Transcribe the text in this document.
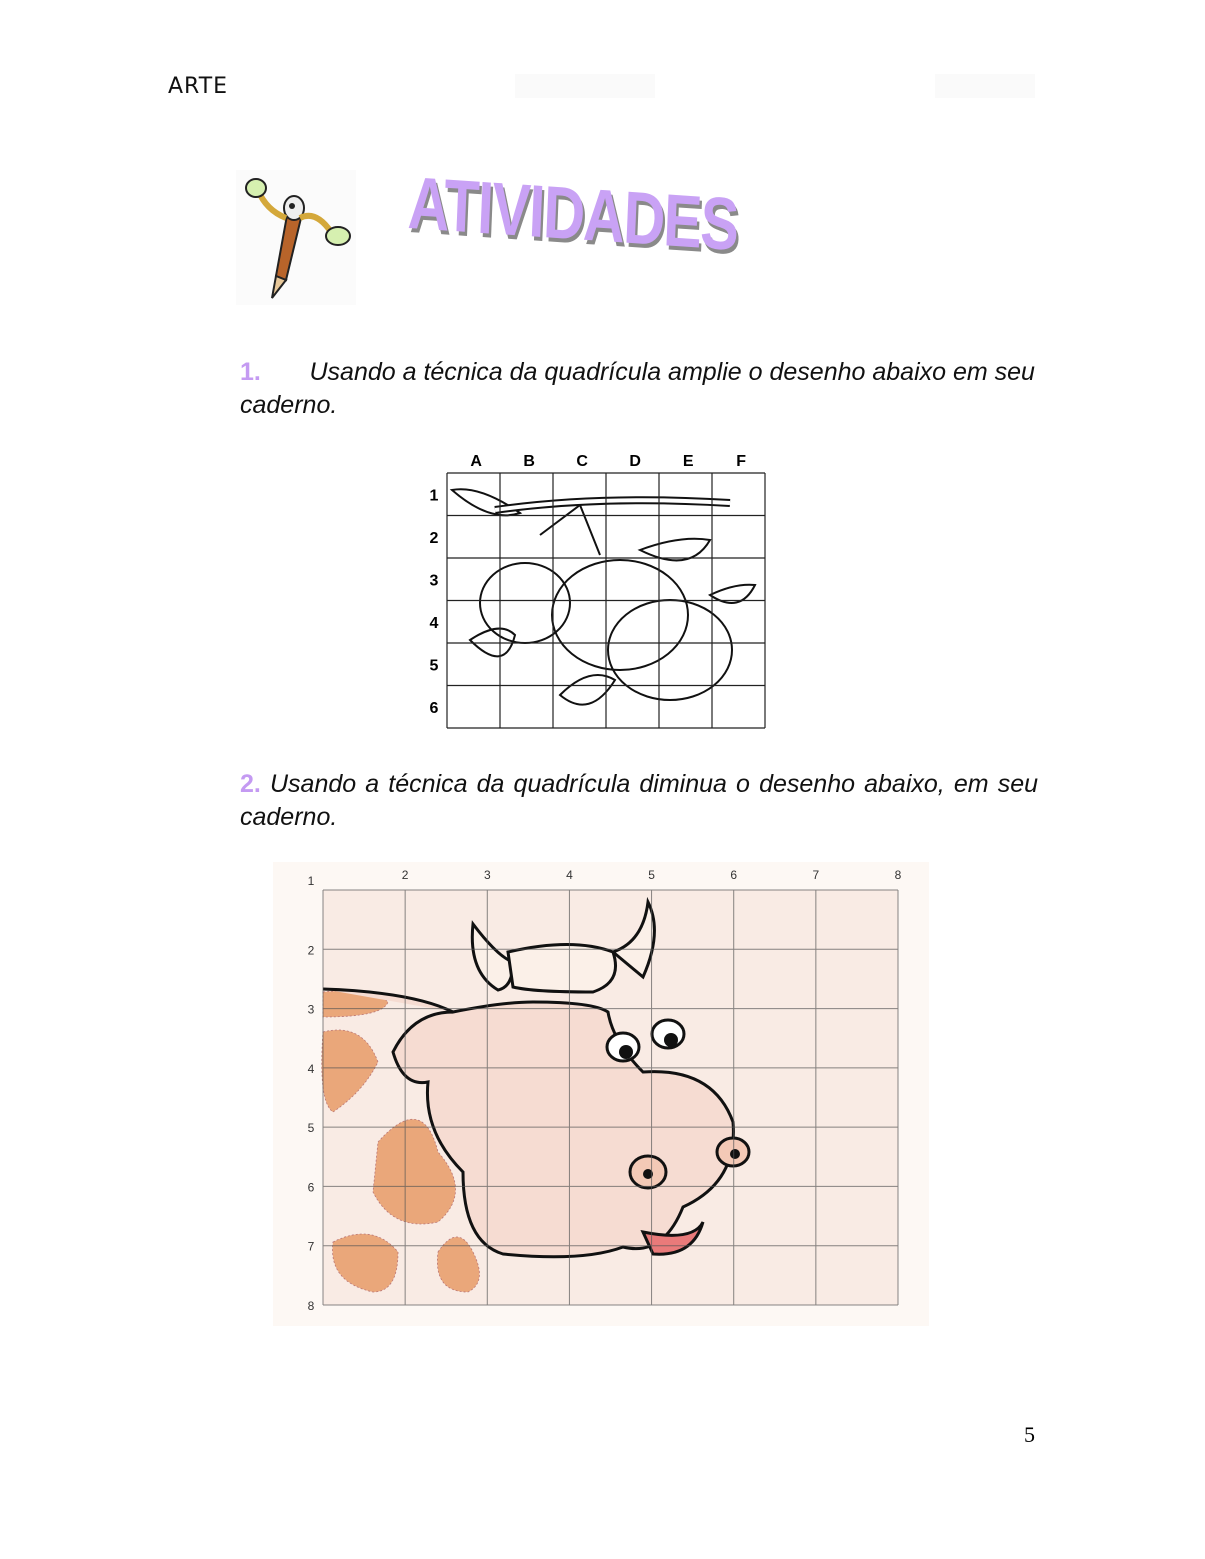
ARTE
ATIVIDADES
1. Usando a técnica da quadrícula amplie o desenho abaixo em seu caderno.
A	B	C	D	E	F
1
2
3
4
5
6
2. Usando a técnica da quadrícula diminua o desenho abaixo, em seu caderno.
1	2	3	4	5	6	7	8
2
3
4
5
6
7
8
5
